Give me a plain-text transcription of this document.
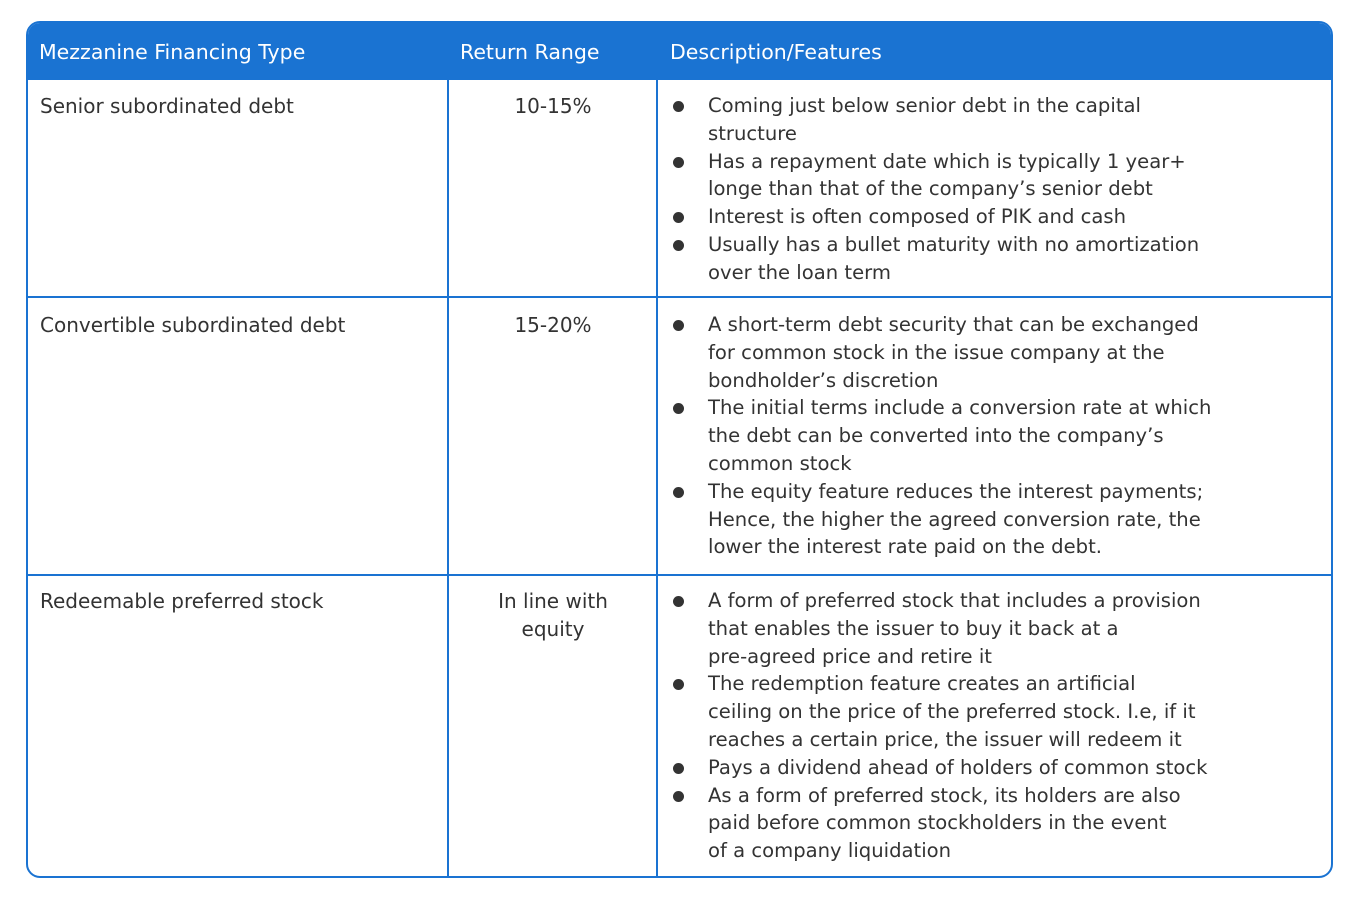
Mezzanine Financing Type	Return Range	Description/Features
Senior subordinated debt	10-15%	Coming just below senior debt in the capital
structure
Has a repayment date which is typically 1 year+
longe than that of the company’s senior debt
Interest is often composed of PIK and cash
Usually has a bullet maturity with no amortization
over the loan term
Convertible subordinated debt	15-20%	A short-term debt security that can be exchanged
for common stock in the issue company at the
bondholder’s discretion
The initial terms include a conversion rate at which
the debt can be converted into the company’s
common stock
The equity feature reduces the interest payments;
Hence, the higher the agreed conversion rate, the
lower the interest rate paid on the debt.
Redeemable preferred stock	In line with
equity
A form of preferred stock that includes a provision
that enables the issuer to buy it back at a
pre-agreed price and retire it
The redemption feature creates an artificial
ceiling on the price of the preferred stock. I.e, if it
reaches a certain price, the issuer will redeem it
Pays a dividend ahead of holders of common stock
As a form of preferred stock, its holders are also
paid before common stockholders in the event
of a company liquidation
